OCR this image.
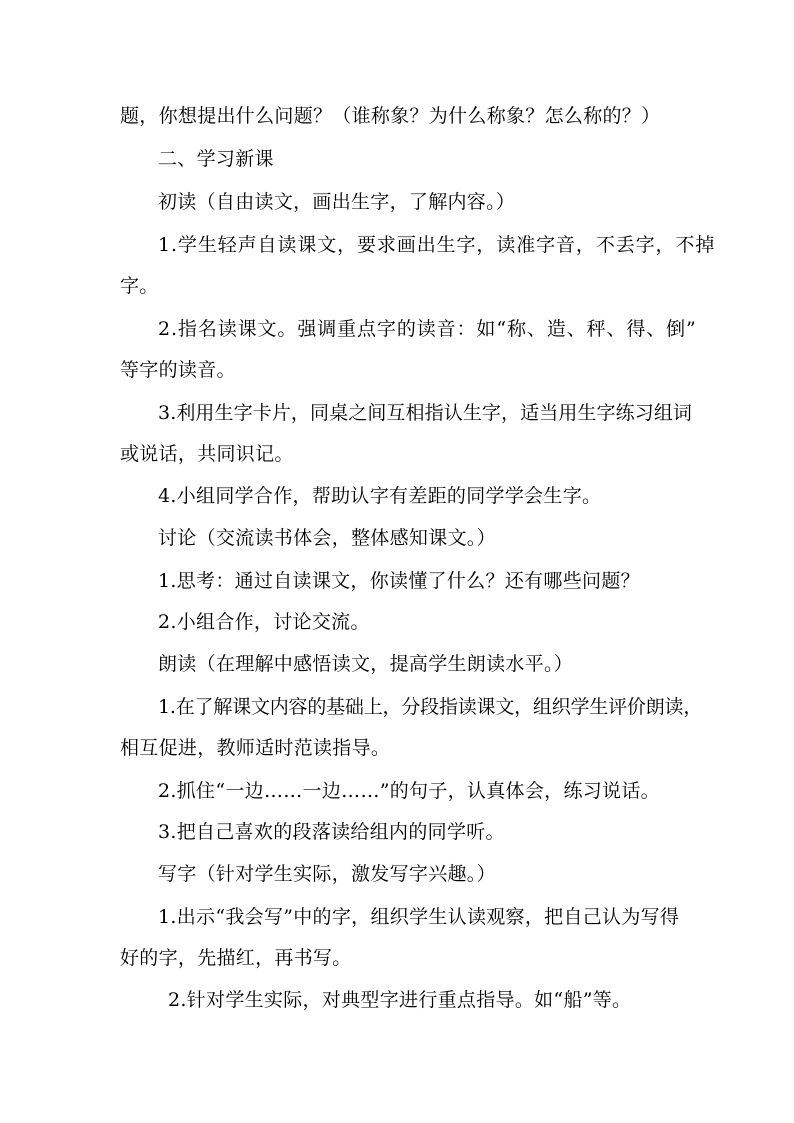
题，你想提出什么问题？（谁称象？为什么称象？怎么称的？）
二、学习新课
初读（自由读文，画出生字，了解内容。）
1.学生轻声自读课文，要求画出生字，读准字音，不丢字，不掉
字。
2.指名读课文。强调重点字的读音：如“称、造、秤、得、倒”
等字的读音。
3.利用生字卡片，同桌之间互相指认生字，适当用生字练习组词
或说话，共同识记。
4.小组同学合作，帮助认字有差距的同学学会生字。
讨论（交流读书体会，整体感知课文。）
1.思考：通过自读课文，你读懂了什么？还有哪些问题？
2.小组合作，讨论交流。
朗读（在理解中感悟读文，提高学生朗读水平。）
1.在了解课文内容的基础上，分段指读课文，组织学生评价朗读，
相互促进，教师适时范读指导。
2.抓住“一边……一边……”的句子，认真体会，练习说话。
3.把自己喜欢的段落读给组内的同学听。
写字（针对学生实际，激发写字兴趣。）
1.出示“我会写”中的字，组织学生认读观察，把自己认为写得
好的字，先描红，再书写。
2.针对学生实际，对典型字进行重点指导。如“船”等。
